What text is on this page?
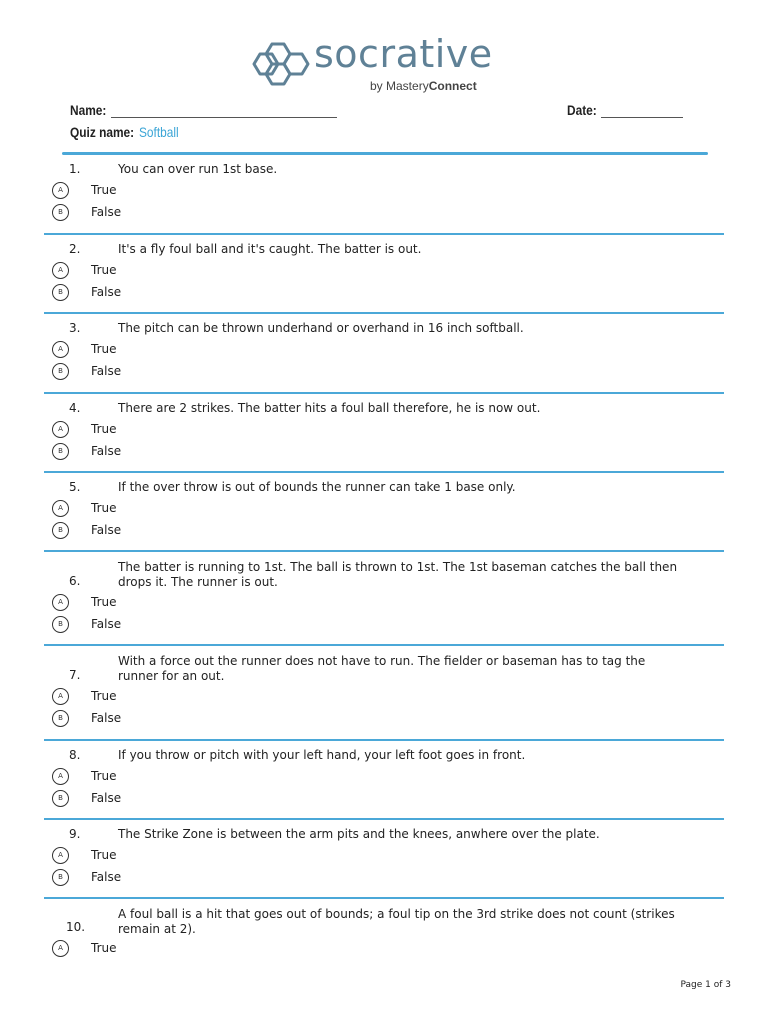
socrative
by MasteryConnect
Name:	Date:
Quiz name: Softball
1.	You can over run 1st base.
A	True
B	False
2.	It's a fly foul ball and it's caught. The batter is out.
A	True
B	False
3.	The pitch can be thrown underhand or overhand in 16 inch softball.
A	True
B	False
4.	There are 2 strikes. The batter hits a foul ball therefore, he is now out.
A	True
B	False
5.	If the over throw is out of bounds the runner can take 1 base only.
A	True
B	False
6.
The batter is running to 1st. The ball is thrown to 1st. The 1st baseman catches the ball then drops it. The runner is out.
A	True
B	False
7.
With a force out the runner does not have to run. The fielder or baseman has to tag the runner for an out.
A	True
B	False
8.	If you throw or pitch with your left hand, your left foot goes in front.
A	True
B	False
9.	The Strike Zone is between the arm pits and the knees, anwhere over the plate.
A	True
B	False
10.
A foul ball is a hit that goes out of bounds; a foul tip on the 3rd strike does not count (strikes remain at 2).
A	True
Page 1 of 3
